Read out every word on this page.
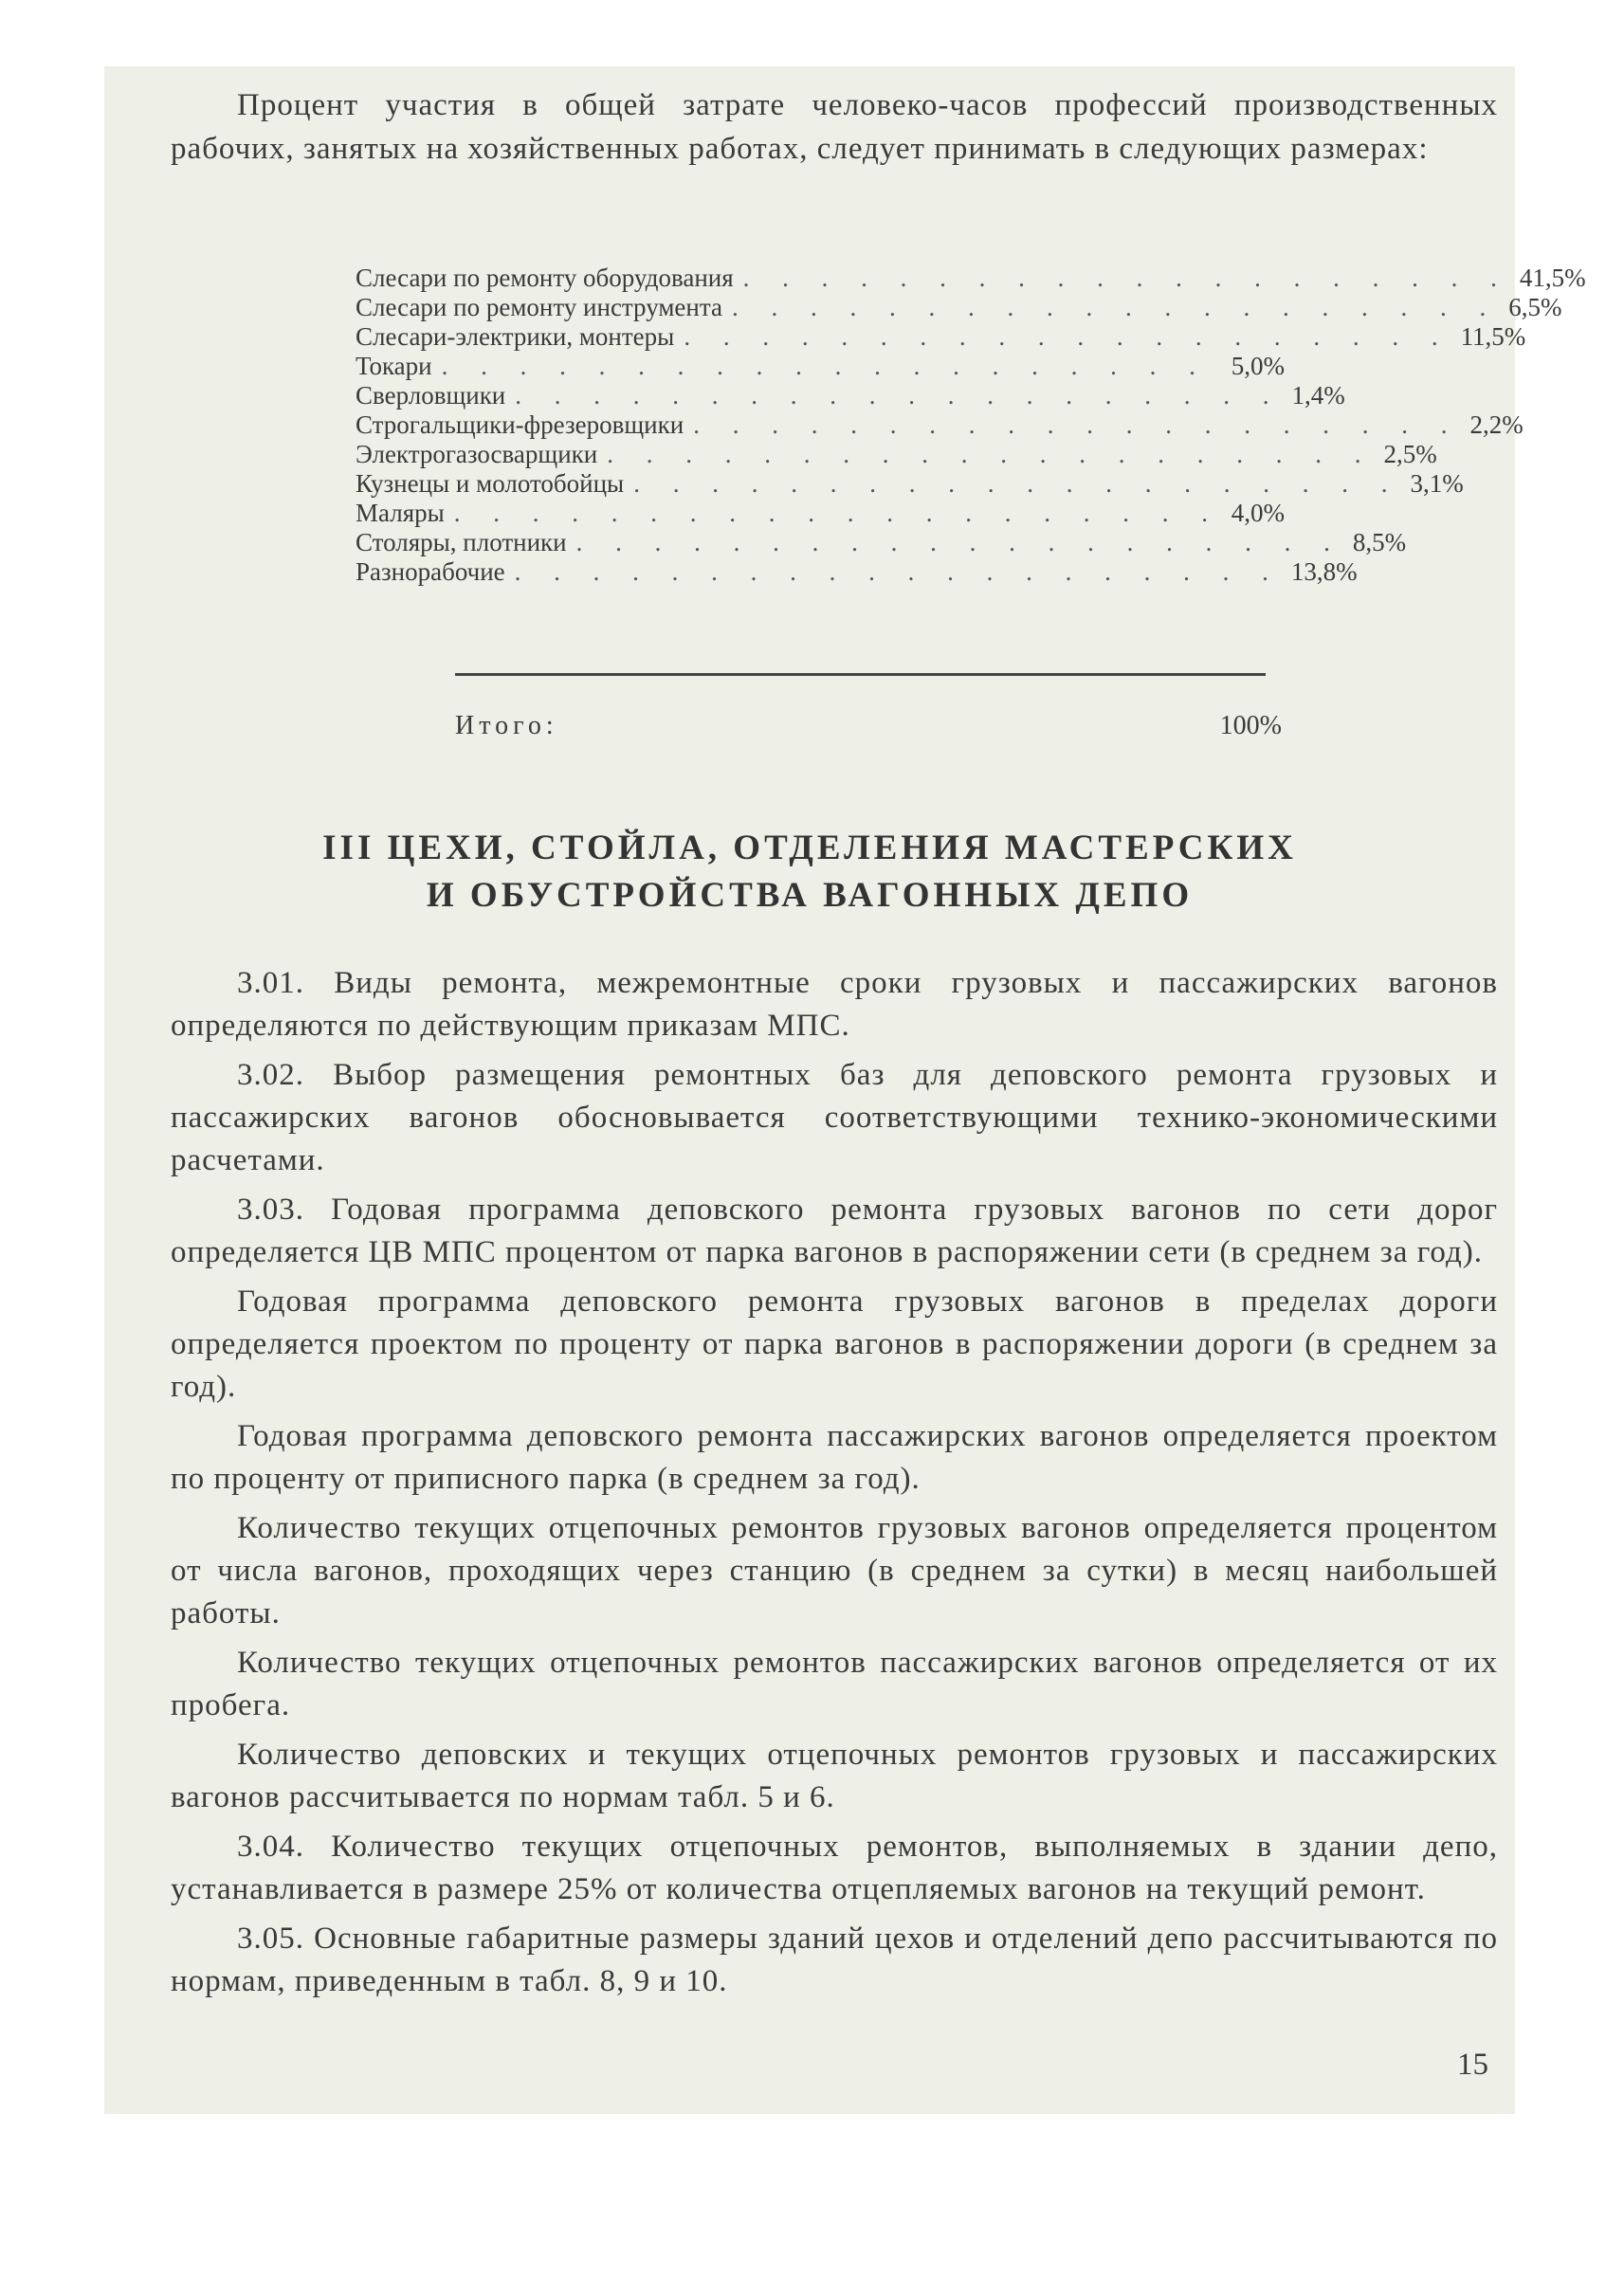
Процент участия в общей затрате человеко-часов профессий производственных рабочих, занятых на хозяйственных работах, следует принимать в следующих размерах:

Слесари по ремонту оборудования . . . . . . . . . . . . . . . . . . . . 41,5%
Слесари по ремонту инструмента . . . . . . . . . . . . . . . . . . . . 6,5%
Слесари-электрики, монтеры . . . . . . . . . . . . . . . . . . . . 11,5%
Токари . . . . . . . . . . . . . . . . . . . . 5,0%
Сверловщики . . . . . . . . . . . . . . . . . . . . 1,4%
Строгальщики-фрезеровщики . . . . . . . . . . . . . . . . . . . . 2,2%
Электрогазосварщики . . . . . . . . . . . . . . . . . . . . 2,5%
Кузнецы и молотобойцы . . . . . . . . . . . . . . . . . . . . 3,1%
Маляры . . . . . . . . . . . . . . . . . . . . 4,0%
Столяры, плотники . . . . . . . . . . . . . . . . . . . . 8,5%
Разнорабочие . . . . . . . . . . . . . . . . . . . . 13,8%
Итого:	100%
III ЦЕХИ, СТОЙЛА, ОТДЕЛЕНИЯ МАСТЕРСКИХ
И ОБУСТРОЙСТВА ВАГОННЫХ ДЕПО

3.01. Виды ремонта, межремонтные сроки грузовых и пассажирских вагонов определяются по действующим приказам МПС.

3.02. Выбор размещения ремонтных баз для деповского ремонта грузовых и пассажирских вагонов обосновывается соответствующими технико-экономическими расчетами.

3.03. Годовая программа деповского ремонта грузовых вагонов по сети дорог определяется ЦВ МПС процентом от парка вагонов в распоряжении сети (в среднем за год).

Годовая программа деповского ремонта грузовых вагонов в пределах дороги определяется проектом по проценту от парка вагонов в распоряжении дороги (в среднем за год).

Годовая программа деповского ремонта пассажирских вагонов определяется проектом по проценту от приписного парка (в среднем за год).

Количество текущих отцепочных ремонтов грузовых вагонов определяется процентом от числа вагонов, проходящих через станцию (в среднем за сутки) в месяц наибольшей работы.

Количество текущих отцепочных ремонтов пассажирских вагонов определяется от их пробега.

Количество деповских и текущих отцепочных ремонтов грузовых и пассажирских вагонов рассчитывается по нормам табл. 5 и 6.

3.04. Количество текущих отцепочных ремонтов, выполняемых в здании депо, устанавливается в размере 25% от количества отцепляемых вагонов на текущий ремонт.

3.05. Основные габаритные размеры зданий цехов и отделений депо рассчитываются по нормам, приведенным в табл. 8, 9 и 10.

15
